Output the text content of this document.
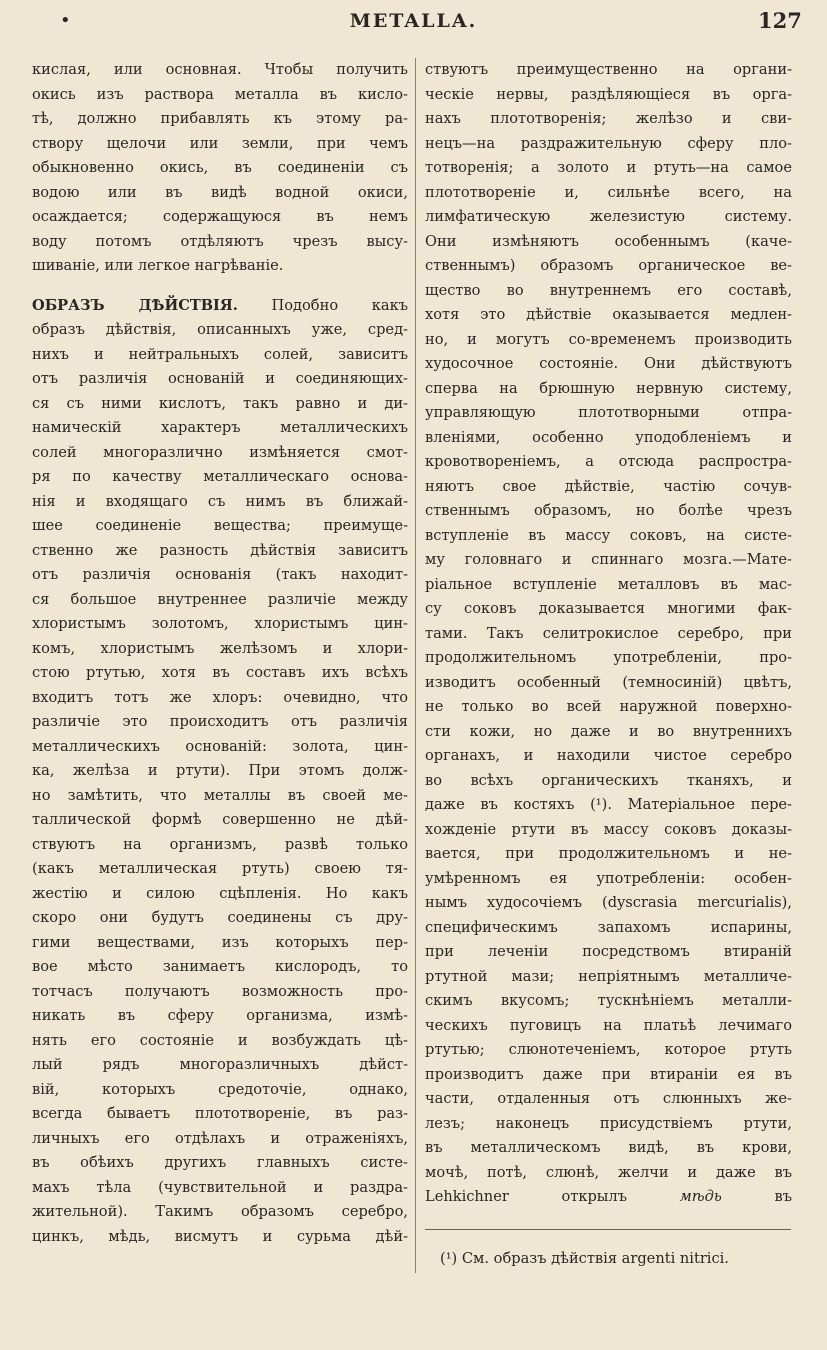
•	METALLA.	127
кислая, или основная. Чтобы получить
окись изъ раствора металла въ кисло-
тѣ, должно прибавлять къ этому ра-
створу щелочи или земли, при чемъ
обыкновенно окись, въ соединеніи съ
водою или въ видѣ водной окиси,
осаждается; содержащуюся въ немъ
воду потомъ отдѣляютъ чрезъ высу-
шиваніе, или легкое нагрѣваніе.
ОБРАЗЪ ДѢЙСТВІЯ. Подобно какъ
образъ дѣйствія, описанныхъ уже, сред-
нихъ и нейтральныхъ солей, зависитъ
отъ различія основаній и соединяющих-
ся съ ними кислотъ, такъ равно и ди-
намическій характеръ металлическихъ
солей многоразлично измѣняется смот-
ря по качеству металлическаго основа-
нія и входящаго съ нимъ въ ближай-
шее соединеніе вещества; преимуще-
ственно же разность дѣйствія зависитъ
отъ различія основанія (такъ находит-
ся большое внутреннее различіе между
хлористымъ золотомъ, хлористымъ цин-
комъ, хлористымъ желѣзомъ и хлори-
стою ртутью, хотя въ составъ ихъ всѣхъ
входитъ тотъ же хлоръ: очевидно, что
различіе это происходитъ отъ различія
металлическихъ основаній: золота, цин-
ка, желѣза и ртути). При этомъ долж-
но замѣтить, что металлы въ своей ме-
таллической формѣ совершенно не дѣй-
ствуютъ на организмъ, развѣ только
(какъ металлическая ртуть) своею тя-
жестію и силою сцѣпленія. Но какъ
скоро они будутъ соединены съ дру-
гими веществами, изъ которыхъ пер-
вое мѣсто занимаетъ кислородъ, то
тотчасъ получаютъ возможность про-
никать въ сферу организма, измѣ-
нять его состояніе и возбуждать цѣ-
лый рядъ многоразличныхъ дѣйст-
вій, которыхъ средоточіе, однако,
всегда бываетъ плототвореніе, въ раз-
личныхъ его отдѣлахъ и отраженіяхъ,
въ обѣихъ другихъ главныхъ систе-
махъ тѣла (чувствительной и раздра-
жительной). Такимъ образомъ серебро,
цинкъ, мѣдь, висмутъ и сурьма дѣй-
ствуютъ преимущественно на органи-
ческіе нервы, раздѣляющіеся въ орга-
нахъ плототворенія; желѣзо и сви-
нецъ—на раздражительную сферу пло-
тотворенія; а золото и ртуть—на самое
плототвореніе и, сильнѣе всего, на
лимфатическую железистую систему.
Они измѣняютъ особеннымъ (каче-
ственнымъ) образомъ органическое ве-
щество во внутреннемъ его составѣ,
хотя это дѣйствіе оказывается медлен-
но, и могутъ со-временемъ производить
худосочное состояніе. Они дѣйствуютъ
сперва на брюшную нервную систему,
управляющую плототворными отпра-
вленіями, особенно уподобленіемъ и
кровотвореніемъ, а отсюда распростра-
няютъ свое дѣйствіе, частію сочув-
ственнымъ образомъ, но болѣе чрезъ
вступленіе въ массу соковъ, на систе-
му головнаго и спиннаго мозга.—Мате-
ріальное вступленіе металловъ въ мас-
су соковъ доказывается многими фак-
тами. Такъ селитрокислое серебро, при
продолжительномъ употребленіи, про-
изводитъ особенный (темносиній) цвѣтъ,
не только во всей наружной поверхно-
сти кожи, но даже и во внутреннихъ
органахъ, и находили чистое серебро
во всѣхъ органическихъ тканяхъ, и
даже въ костяхъ (¹). Матеріальное пере-
хожденіе ртути въ массу соковъ доказы-
вается, при продолжительномъ и не-
умѣренномъ ея употребленіи: особен-
нымъ худосочіемъ (dyscrasia mercurialis),
специфическимъ запахомъ испарины,
при леченіи посредствомъ втираній
ртутной мази; непріятнымъ металличе-
скимъ вкусомъ; тускнѣніемъ металли-
ческихъ пуговицъ на платьѣ лечимаго
ртутью; слюнотеченіемъ, которое ртуть
производитъ даже при втираніи ея въ
части, отдаленныя отъ слюнныхъ же-
лезъ; наконецъ присудствіемъ ртути,
въ металлическомъ видѣ, въ крови,
мочѣ, потѣ, слюнѣ, желчи и даже въ
Lehkichner открылъ	мѣдь	въ
(¹) См. образъ дѣйствія argenti nitrici.
